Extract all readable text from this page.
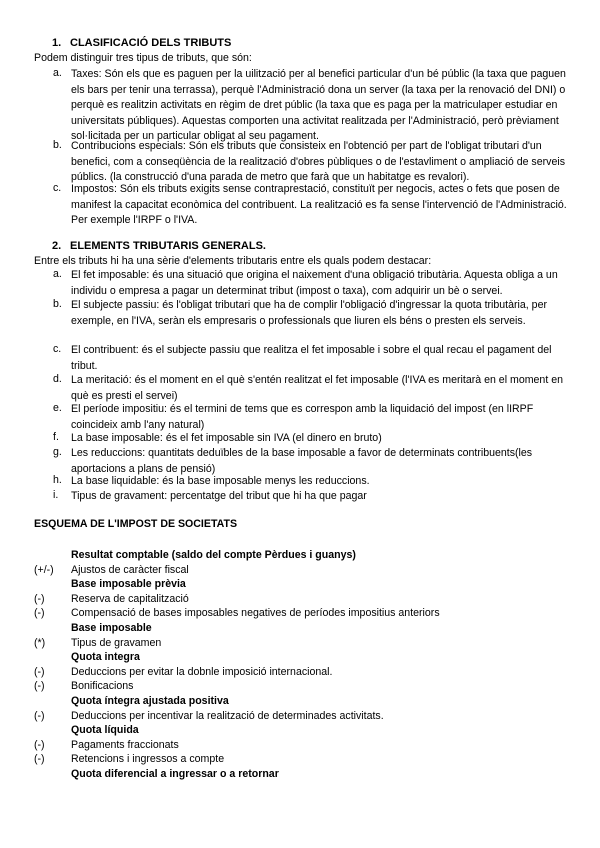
1. CLASIFICACIÓ DELS TRIBUTS
Podem distinguir tres tipus de tributs, que són:
a. Taxes: Són els que es paguen per la uilització per al benefici particular d'un bé públic (la taxa que paguen els bars per tenir una terrassa), perquè l'Administració dona un server (la taxa per la renovació del DNI) o perquè es realitzin activitats en règim de dret públic (la taxa que es paga per la matriculaper estudiar en universitats públiques). Aquestas comporten una activitat realitzada per l'Administració, però prèviament sol·licitada per un particular obligat al seu pagament.
b. Contribucions especials: Són els tributs que consisteix en l'obtenció per part de l'obligat tributari d'un benefici, com a conseqüència de la realització d'obres pùbliques o de l'estavliment o ampliació de serveis públics. (la construcció d'una parada de metro que farà que un habitatge es revalori).
c. Impostos: Són els tributs exigits sense contraprestació, constituït per negocis, actes o fets que posen de manifest la capacitat econòmica del contribuent. La realització es fa sense l'intervenció de l'Administració. Per exemple l'IRPF o l'IVA.
2. ELEMENTS TRIBUTARIS GENERALS.
Entre els tributs hi ha una sèrie d'elements tributaris entre els quals podem destacar:
a. El fet imposable: és una situació que origina el naixement d'una obligació tributària. Aquesta obliga a un individu o empresa a pagar un determinat tribut (impost o taxa), com adquirir un bè o servei.
b. El subjecte passiu: és l'obligat tributari que ha de complir l'obligació d'ingressar la quota tributària, per exemple, en l'IVA, seràn els empresaris o professionals que liuren els béns o presten els serveis.
c. El contribuent: és el subjecte passiu que realitza el fet imposable i sobre el qual recau el pagament del tribut.
d. La meritació: és el moment en el què s'entén realitzat el fet imposable (l'IVA es meritarà en el moment en què es presti el servei)
e. El període impositiu: és el termini de tems que es correspon amb la liquidació del impost (en lIRPF coincideix amb l'any natural)
f. La base imposable: és el fet imposable sin IVA (el dinero en bruto)
g. Les reduccions: quantitats deduïbles de la base imposable a favor de determinats contribuents(les aportacions a plans de pensió)
h. La base liquidable: és la base imposable menys les reduccions.
i. Tipus de gravament: percentatge del tribut que hi ha que pagar
ESQUEMA DE L'IMPOST DE SOCIETATS
Resultat comptable (saldo del compte Pèrdues i guanys)
(+/-) Ajustos de caràcter fiscal
Base imposable prèvia
(-) Reserva de capitalització
(-) Compensació de bases imposables negatives de períodes impositius anteriors
Base imposable
(*) Tipus de gravamen
Quota integra
(-) Deduccions per evitar la dobnle imposició internacional.
(-) Bonificacions
Quota íntegra ajustada positiva
(-) Deduccions per incentivar la realització de determinades activitats.
Quota líquida
(-) Pagaments fraccionats
(-) Retencions i ingressos a compte
Quota diferencial a ingressar o a retornar
